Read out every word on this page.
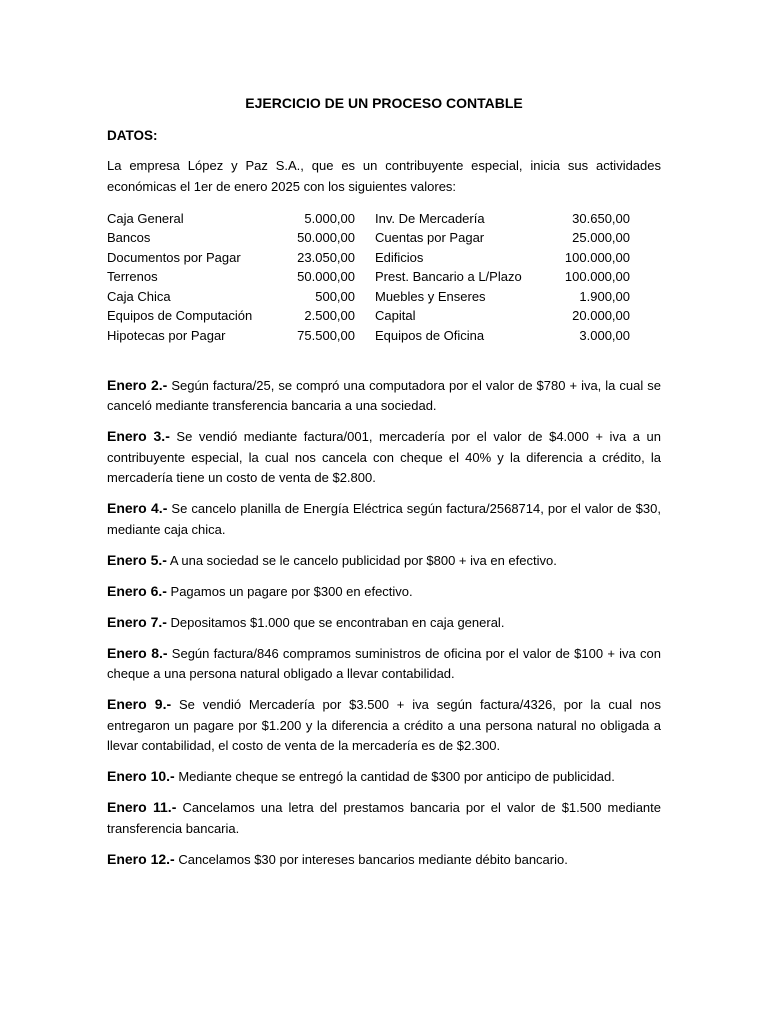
EJERCICIO DE UN PROCESO CONTABLE
DATOS:

La empresa López y Paz S.A., que es un contribuyente especial, inicia sus actividades económicas el 1er de enero 2025 con los siguientes valores:

Caja General	5.000,00		Inv. De Mercadería	30.650,00
Bancos	50.000,00		Cuentas por Pagar	25.000,00
Documentos por Pagar	23.050,00		Edificios	100.000,00
Terrenos	50.000,00		Prest. Bancario a L/Plazo	100.000,00
Caja Chica	500,00		Muebles y Enseres	1.900,00
Equipos de Computación	2.500,00		Capital	20.000,00
Hipotecas por Pagar	75.500,00		Equipos de Oficina	3.000,00

Enero 2.- Según factura/25, se compró una computadora por el valor de $780 + iva, la cual se canceló mediante transferencia bancaria a una sociedad.

Enero 3.- Se vendió mediante factura/001, mercadería por el valor de $4.000 + iva a un contribuyente especial, la cual nos cancela con cheque el 40% y la diferencia a crédito, la mercadería tiene un costo de venta de $2.800.

Enero 4.- Se cancelo planilla de Energía Eléctrica según factura/2568714, por el valor de $30, mediante caja chica.

Enero 5.- A una sociedad se le cancelo publicidad por $800 + iva en efectivo.

Enero 6.- Pagamos un pagare por $300 en efectivo.

Enero 7.- Depositamos $1.000 que se encontraban en caja general.

Enero 8.- Según factura/846 compramos suministros de oficina por el valor de $100 + iva con cheque a una persona natural obligado a llevar contabilidad.

Enero 9.- Se vendió Mercadería por $3.500 + iva según factura/4326, por la cual nos entregaron un pagare por $1.200 y la diferencia a crédito a una persona natural no obligada a llevar contabilidad, el costo de venta de la mercadería es de $2.300.

Enero 10.- Mediante cheque se entregó la cantidad de $300 por anticipo de publicidad.

Enero 11.- Cancelamos una letra del prestamos bancaria por el valor de $1.500 mediante transferencia bancaria.

Enero 12.- Cancelamos $30 por intereses bancarios mediante débito bancario.
